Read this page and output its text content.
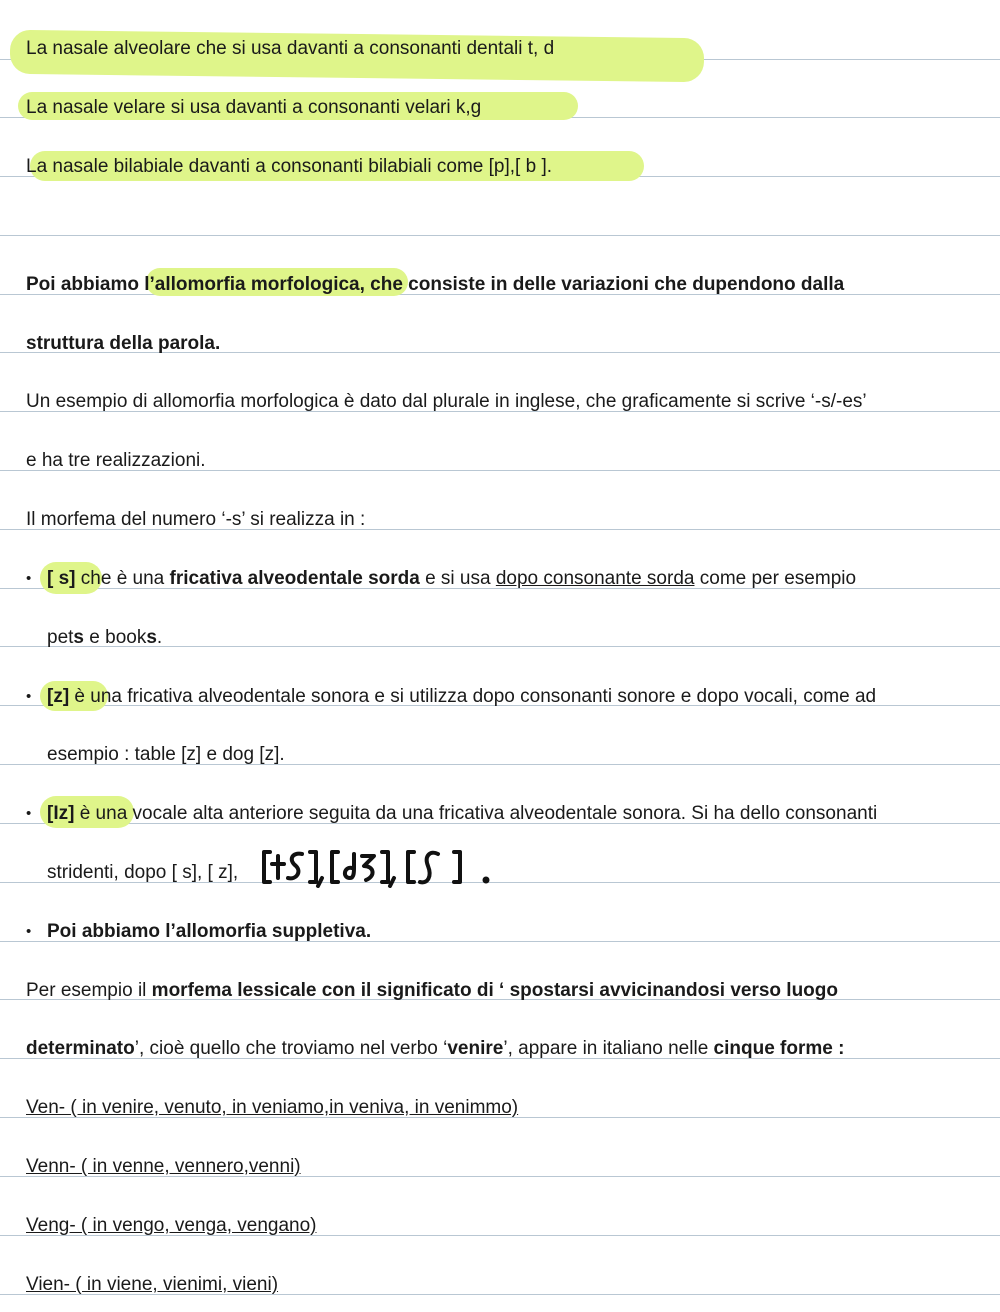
La nasale alveolare che si usa davanti a consonanti dentali t, d
La nasale velare si usa davanti a consonanti velari k,g
La nasale bilabiale davanti a consonanti bilabiali come [p],[ b ].
Poi abbiamo l’allomorfia morfologica, che consiste in delle variazioni che dupendono dalla
struttura della parola.
Un esempio di allomorfia morfologica è dato dal plurale in inglese, che graficamente si scrive ‘-s/-es’
e ha tre realizzazioni.
Il morfema del numero ‘-s’ si realizza in :
• [ s] che è una fricativa alveodentale sorda e si usa dopo consonante sorda come per esempio
pets e books.
• [z] è una fricativa alveodentale sonora e si utilizza dopo consonanti sonore e dopo vocali, come ad
esempio : table [z] e dog [z].
• [Iz] è una vocale alta anteriore seguita da una fricativa alveodentale sonora. Si ha dello consonanti
stridenti, dopo [ s], [ z],
• Poi abbiamo l’allomorfia suppletiva.
Per esempio il morfema lessicale con il significato di ‘ spostarsi avvicinandosi verso luogo
determinato’, cioè quello che troviamo nel verbo ‘venire’, appare in italiano nelle cinque forme :
Ven- ( in venire, venuto, in veniamo,in veniva, in venimmo)
Venn- ( in venne, vennero,venni)
Veng- ( in vengo, venga, vengano)
Vien- ( in viene, vienimi, vieni)
